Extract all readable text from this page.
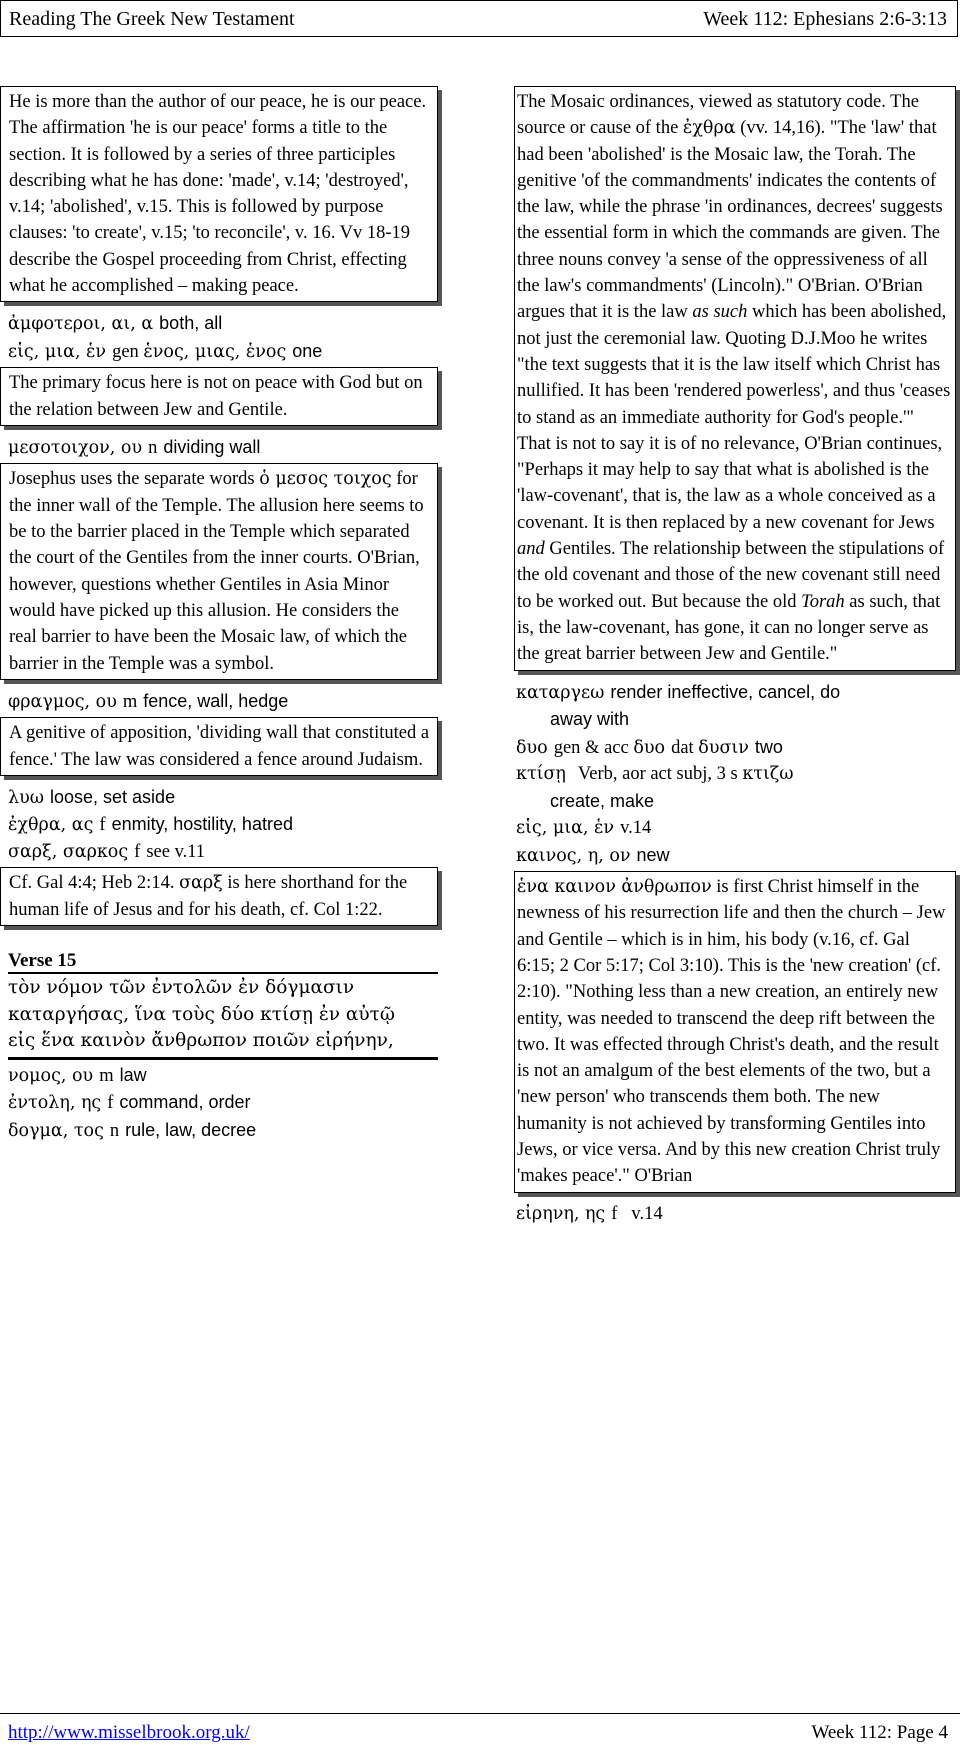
Reading The Greek New Testament	Week 112: Ephesians 2:6-3:13

He is more than the author of our peace, he is our peace. The affirmation 'he is our peace' forms a title to the section. It is followed by a series of three participles describing what he has done: 'made', v.14; 'destroyed', v.14; 'abolished', v.15. This is followed by purpose clauses: 'to create', v.15; 'to reconcile', v. 16. Vv 18-19 describe the Gospel proceeding from Christ, effecting what he accomplished – making peace.

ἀμφοτεροι, αι, α both, all

εἱς, μια, ἑν gen ἑνος, μιας, ἑνος one

The primary focus here is not on peace with God but on the relation between Jew and Gentile.

μεσοτοιχον, ου n dividing wall

Josephus uses the separate words ὁ μεσος τοιχος for the inner wall of the Temple. The allusion here seems to be to the barrier placed in the Temple which separated the court of the Gentiles from the inner courts. O'Brian, however, questions whether Gentiles in Asia Minor would have picked up this allusion. He considers the real barrier to have been the Mosaic law, of which the barrier in the Temple was a symbol.

φραγμος, ου m fence, wall, hedge

A genitive of apposition, 'dividing wall that constituted a fence.' The law was considered a fence around Judaism.

λυω loose, set aside

ἐχθρα, ας f enmity, hostility, hatred

σαρξ, σαρκος f see v.11

Cf. Gal 4:4; Heb 2:14. σαρξ is here shorthand for the human life of Jesus and for his death, cf. Col 1:22.

Verse 15

τὸν νόμον τῶν ἐντολῶν ἐν δόγμασιν
καταργήσας, ἵνα τοὺς δύο κτίσῃ ἐν αὐτῷ
εἰς ἕνα καινὸν ἄνθρωπον ποιῶν εἰρήνην,

νομος, ου m law

ἐντολη, ης f command, order

δογμα, τος n rule, law, decree

The Mosaic ordinances, viewed as statutory code. The source or cause of the ἐχθρα (vv. 14,16). "The 'law' that had been 'abolished' is the Mosaic law, the Torah. The genitive 'of the commandments' indicates the contents of the law, while the phrase 'in ordinances, decrees' suggests the essential form in which the commands are given. The three nouns convey 'a sense of the oppressiveness of all the law's commandments' (Lincoln)." O'Brian. O'Brian argues that it is the law as such which has been abolished, not just the ceremonial law. Quoting D.J.Moo he writes "the text suggests that it is the law itself which Christ has nullified. It has been 'rendered powerless', and thus 'ceases to stand as an immediate authority for God's people.'" That is not to say it is of no relevance, O'Brian continues, "Perhaps it may help to say that what is abolished is the 'law-covenant', that is, the law as a whole conceived as a covenant. It is then replaced by a new covenant for Jews and Gentiles. The relationship between the stipulations of the old covenant and those of the new covenant still need to be worked out. But because the old Torah as such, that is, the law-covenant, has gone, it can no longer serve as the great barrier between Jew and Gentile."

καταργεω render ineffective, cancel, do

away with

δυο gen & acc δυο dat δυσιν two

κτίσῃ Verb, aor act subj, 3 s κτιζω

create, make

εἱς, μια, ἑν v.14

καινος, η, ον new

ἑνα καινον ἀνθρωπον is first Christ himself in the newness of his resurrection life and then the church – Jew and Gentile – which is in him, his body (v.16, cf. Gal 6:15; 2 Cor 5:17; Col 3:10). This is the 'new creation' (cf. 2:10). "Nothing less than a new creation, an entirely new entity, was needed to transcend the deep rift between the two. It was effected through Christ's death, and the result is not an amalgum of the best elements of the two, but a 'new person' who transcends them both. The new humanity is not achieved by transforming Gentiles into Jews, or vice versa. And by this new creation Christ truly 'makes peace'." O'Brian

εἰρηνη, ης f v.14

http://www.misselbrook.org.uk/	Week 112: Page 4
